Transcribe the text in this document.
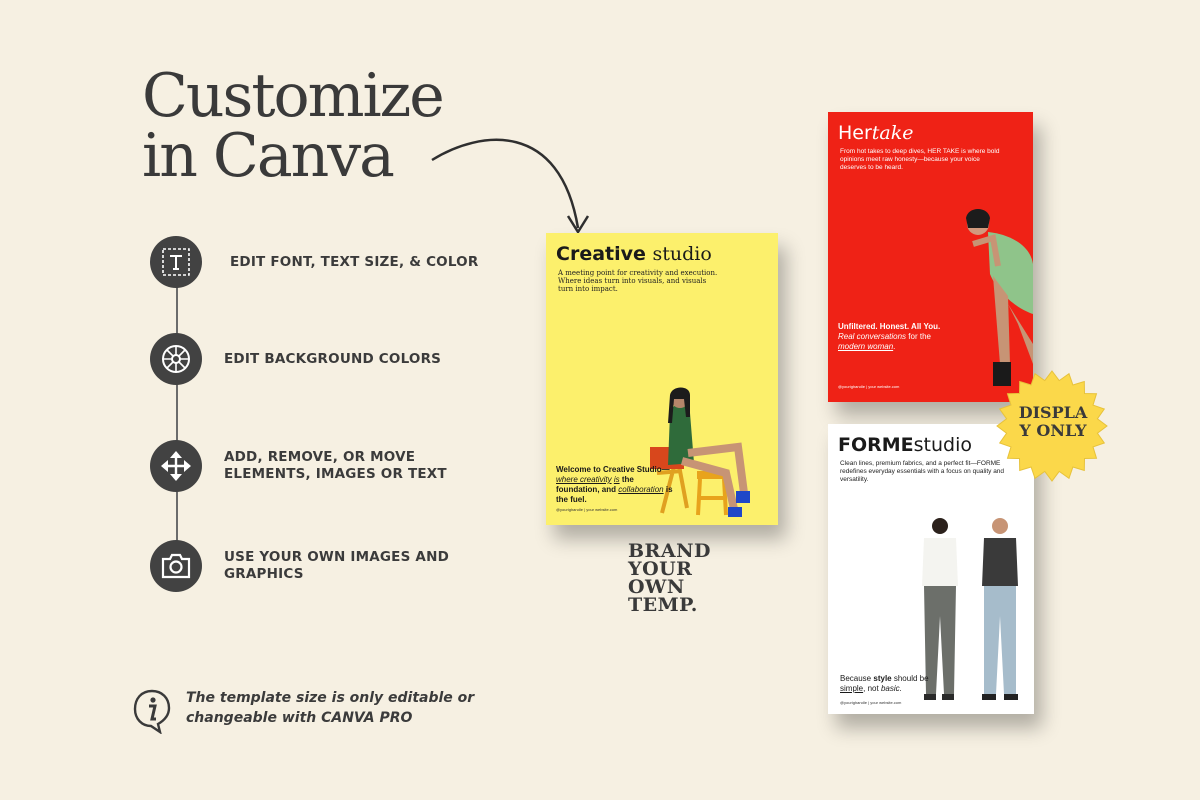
Customize
in Canva
EDIT FONT, TEXT SIZE, & COLOR
EDIT BACKGROUND COLORS
ADD, REMOVE, OR MOVE ELEMENTS, IMAGES OR TEXT
USE YOUR OWN IMAGES AND GRAPHICS
The template size is only editable or
changeable with CANVA PRO
Creative studio
A meeting point for creativity and execution. Where ideas turn into visuals, and visuals turn into impact.
Welcome to Creative Studio—where creativity is the foundation, and collaboration is the fuel.
@yourighandle | your website.com
Hertake
From hot takes to deep dives, HER TAKE is where bold opinions meet raw honesty—because your voice deserves to be heard.
Unfiltered. Honest. All You. Real conversations for the modern woman.
@yourighandle | your website.com
FORMEstudio
Clean lines, premium fabrics, and a perfect fit—FORME redefines everyday essentials with a focus on quality and versatility.
Because style should be simple, not basic.
@yourighandle | your website.com
BRAND
YOUR
OWN
TEMP.
DISPLA
Y ONLY
